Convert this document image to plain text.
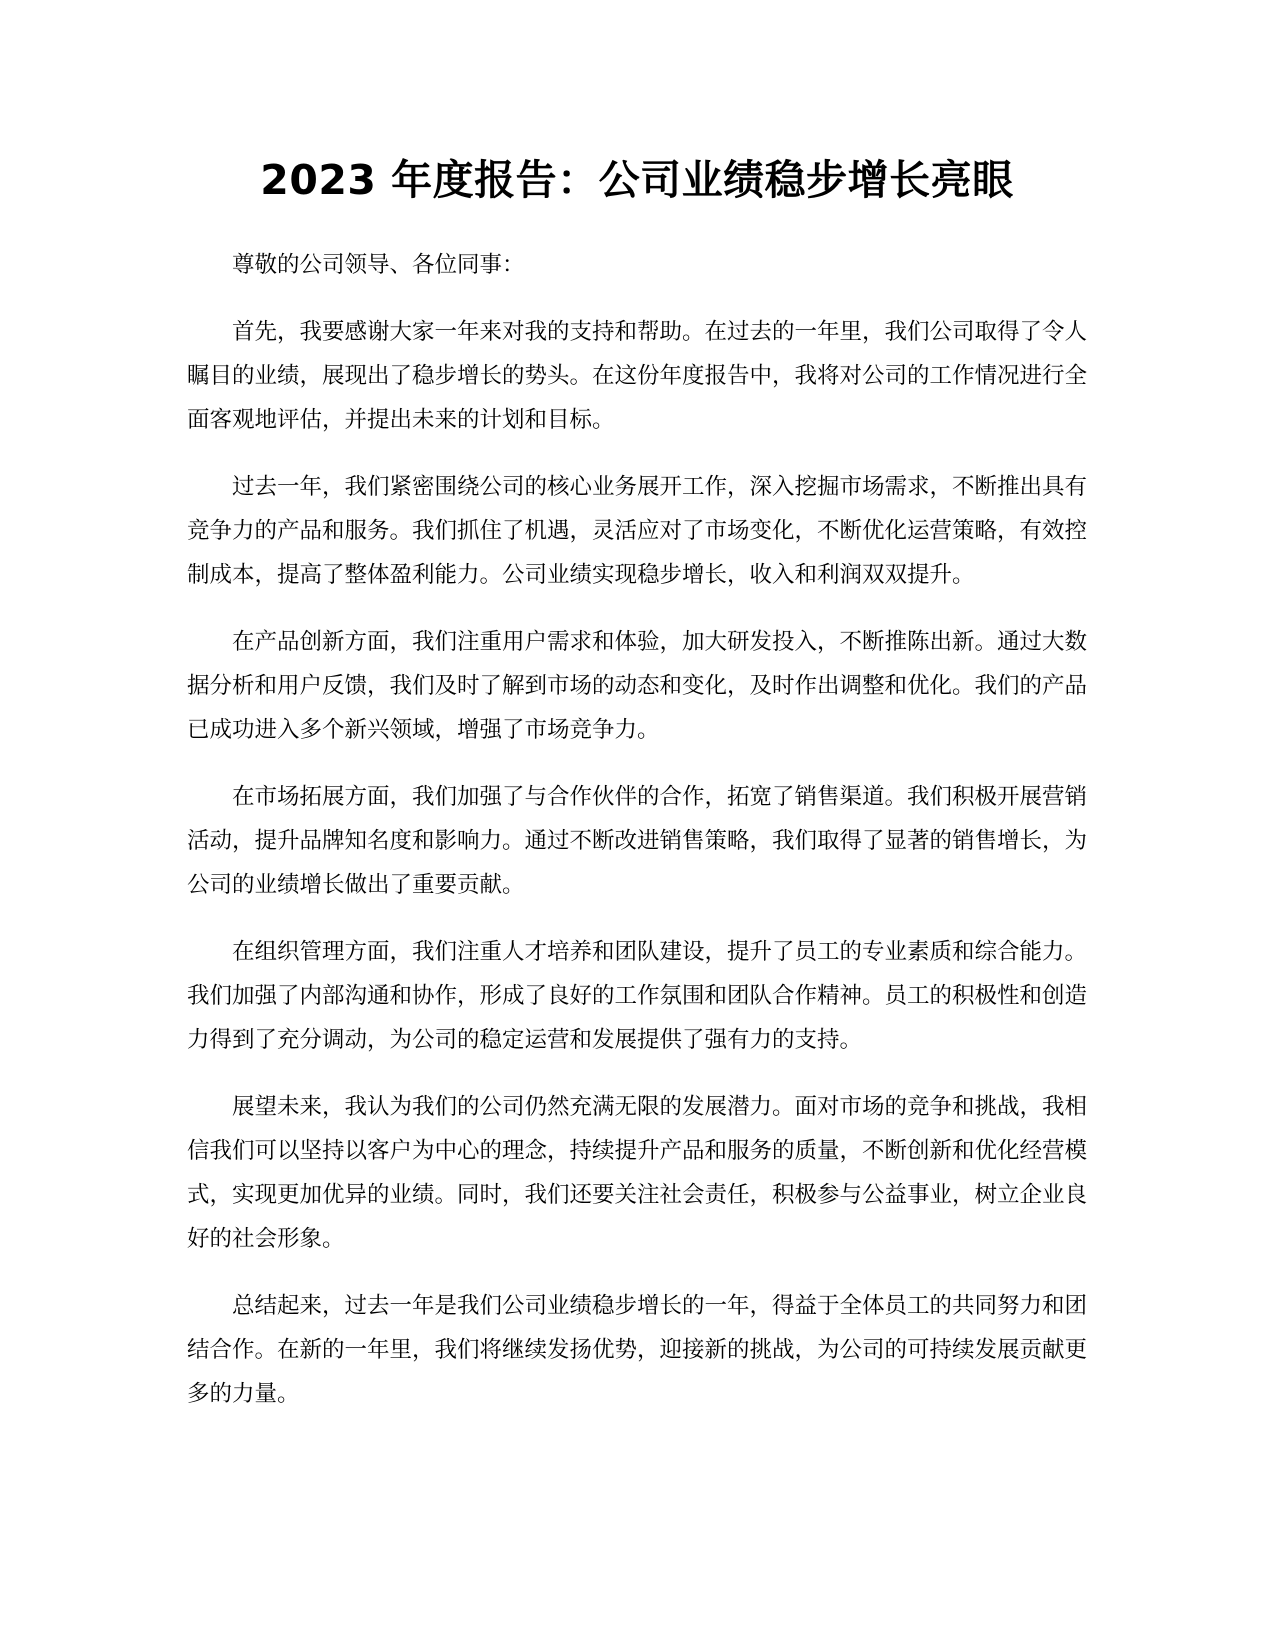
2023 年度报告：公司业绩稳步增长亮眼

尊敬的公司领导、各位同事：

首先，我要感谢大家一年来对我的支持和帮助。在过去的一年里，我们公司取得了令人瞩目的业绩，展现出了稳步增长的势头。在这份年度报告中，我将对公司的工作情况进行全面客观地评估，并提出未来的计划和目标。

过去一年，我们紧密围绕公司的核心业务展开工作，深入挖掘市场需求，不断推出具有竞争力的产品和服务。我们抓住了机遇，灵活应对了市场变化，不断优化运营策略，有效控制成本，提高了整体盈利能力。公司业绩实现稳步增长，收入和利润双双提升。

在产品创新方面，我们注重用户需求和体验，加大研发投入，不断推陈出新。通过大数据分析和用户反馈，我们及时了解到市场的动态和变化，及时作出调整和优化。我们的产品已成功进入多个新兴领域，增强了市场竞争力。

在市场拓展方面，我们加强了与合作伙伴的合作，拓宽了销售渠道。我们积极开展营销活动，提升品牌知名度和影响力。通过不断改进销售策略，我们取得了显著的销售增长，为公司的业绩增长做出了重要贡献。

在组织管理方面，我们注重人才培养和团队建设，提升了员工的专业素质和综合能力。我们加强了内部沟通和协作，形成了良好的工作氛围和团队合作精神。员工的积极性和创造力得到了充分调动，为公司的稳定运营和发展提供了强有力的支持。

展望未来，我认为我们的公司仍然充满无限的发展潜力。面对市场的竞争和挑战，我相信我们可以坚持以客户为中心的理念，持续提升产品和服务的质量，不断创新和优化经营模式，实现更加优异的业绩。同时，我们还要关注社会责任，积极参与公益事业，树立企业良好的社会形象。

总结起来，过去一年是我们公司业绩稳步增长的一年，得益于全体员工的共同努力和团结合作。在新的一年里，我们将继续发扬优势，迎接新的挑战，为公司的可持续发展贡献更多的力量。
